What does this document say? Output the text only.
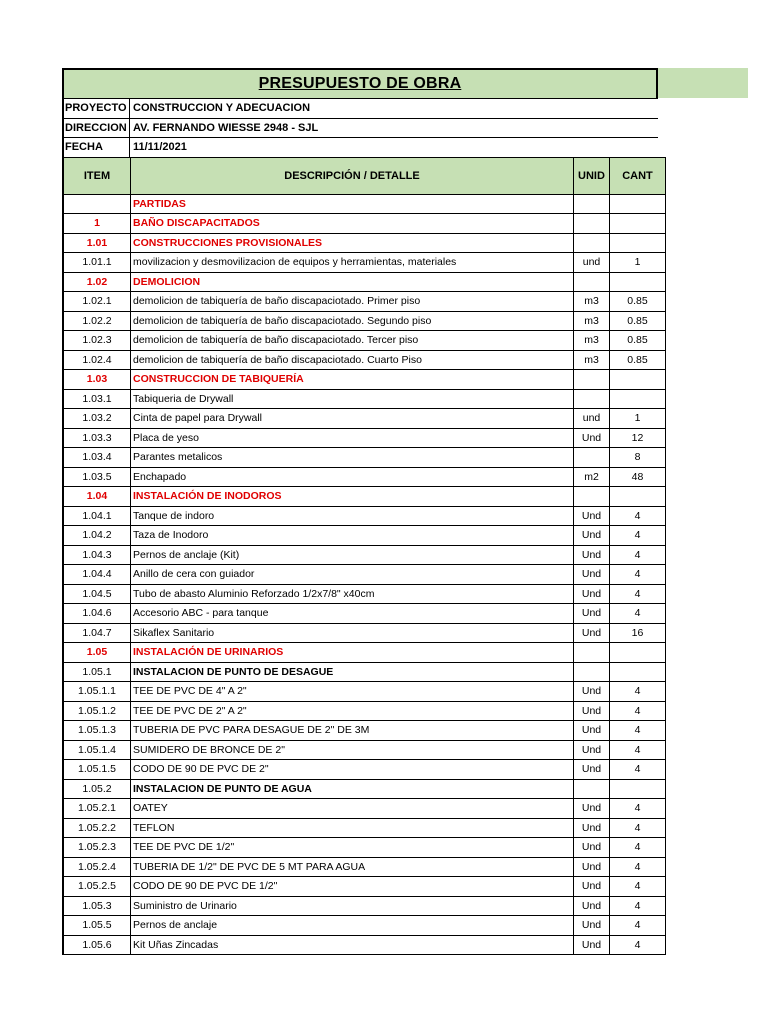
PRESUPUESTO DE OBRA
PROYECTO CONSTRUCCION Y ADECUACION
DIRECCION AV. FERNANDO WIESSE 2948 - SJL
FECHA	11/11/2021
ITEM	DESCRIPCIÓN / DETALLE	UNID	CANT
	PARTIDAS		
1	BAÑO DISCAPACITADOS		
1.01	CONSTRUCCIONES PROVISIONALES		
1.01.1	movilizacion y desmovilizacion de equipos y herramientas, materiales	und	1
1.02	DEMOLICION		
1.02.1	demolicion de tabiquería de baño discapaciotado. Primer piso	m3	0.85
1.02.2	demolicion de tabiquería de baño discapaciotado. Segundo piso	m3	0.85
1.02.3	demolicion de tabiquería de baño discapaciotado. Tercer piso	m3	0.85
1.02.4	demolicion de tabiquería de baño discapaciotado. Cuarto Piso	m3	0.85
1.03	CONSTRUCCION DE TABIQUERÍA		
1.03.1	Tabiqueria de Drywall		
1.03.2	Cinta de papel para Drywall	und	1
1.03.3	Placa de yeso	Und	12
1.03.4	Parantes metalicos		8
1.03.5	Enchapado	m2	48
1.04	INSTALACIÓN DE INODOROS		
1.04.1	Tanque de indoro	Und	4
1.04.2	Taza de Inodoro	Und	4
1.04.3	Pernos de anclaje (Kit)	Und	4
1.04.4	Anillo de cera con guiador	Und	4
1.04.5	Tubo de abasto Aluminio Reforzado 1/2x7/8" x40cm	Und	4
1.04.6	Accesorio ABC - para tanque	Und	4
1.04.7	Sikaflex Sanitario	Und	16
1.05	INSTALACIÓN DE URINARIOS		
1.05.1	INSTALACION DE PUNTO DE DESAGUE		
1.05.1.1	TEE DE PVC DE 4" A 2"	Und	4
1.05.1.2	TEE DE PVC DE 2" A 2"	Und	4
1.05.1.3	TUBERIA DE PVC PARA DESAGUE DE 2" DE 3M	Und	4
1.05.1.4	SUMIDERO DE BRONCE DE 2"	Und	4
1.05.1.5	CODO DE 90 DE PVC DE 2"	Und	4
1.05.2	INSTALACION DE PUNTO DE AGUA		
1.05.2.1	OATEY	Und	4
1.05.2.2	TEFLON	Und	4
1.05.2.3	TEE DE PVC DE 1/2"	Und	4
1.05.2.4	TUBERIA DE 1/2" DE PVC DE 5 MT PARA AGUA	Und	4
1.05.2.5	CODO DE 90 DE PVC DE 1/2"	Und	4
1.05.3	Suministro de Urinario	Und	4
1.05.5	Pernos de anclaje	Und	4
1.05.6	Kit Uñas Zincadas	Und	4
